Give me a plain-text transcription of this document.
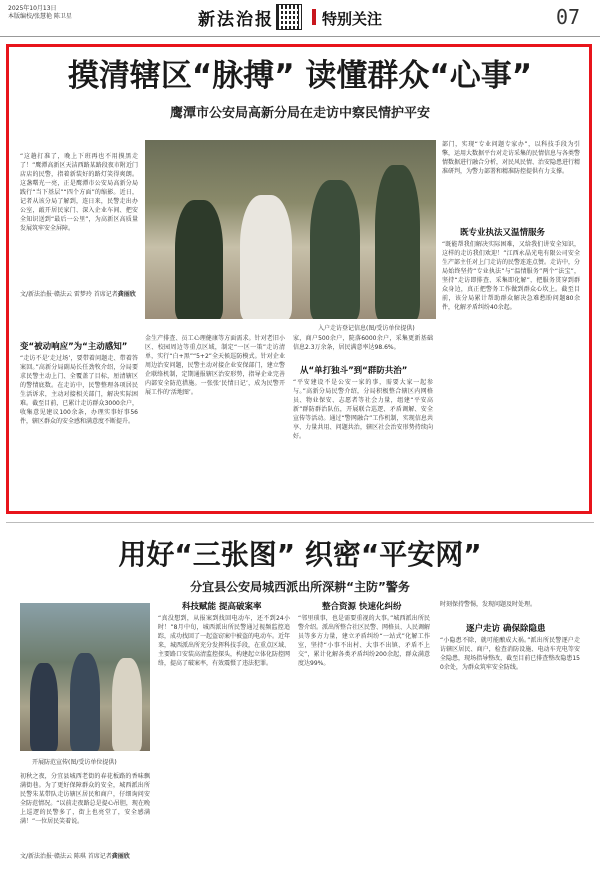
2025年10月13日
本版编校/张慧艳 陈卫星	新法治报	特别关注	07
摸清辖区“脉搏” 读懂群众“心事”
鹰潭市公安局高新分局在走访中察民情护平安
“这趟打准了，晚上下班再也不用摸黑走了！”鹰潭高新区天洁西路某路段夜市附近门店店的民警，指着新装好的路灯笑得爽朗。这盏曙光一亮，正是鹰潭市公安局高新分局践行“当下基层”“四个方面”的缩影。近日，记者从该分局了解到，连日来，民警走出办公室，敲开居民家门、深入企业车间、把安全知识送到“最后一公里”，为高新区高质量发展筑牢安全屏障。
文/新法治报·赣法云 雷梦玲 首席记者龚丽欣
入户走访登记信息(图/受访单位提供)
变“被动响应”为“主动感知”
“走访不是‘走过场’，要带着问题走、带着答案回。”高新分局副局长任劲牧介绍，分局要求民警主动上门、全覆盖了目标，厘清辖区的警情底数。在走访中，民警整理各项居民生活诉求，主动对接相关部门，解决实际困难。截至目前，已累计走访群众3000余户，收集意见建议100余条，办理实事好事56件，辖区群众的安全感和满意度不断提升。
金生产排查、员工心理健康等方面需求。针对老旧小区、校园周边等重点区域，制定“一区一策”走访清单，实行“白+黑”“5+2”全天候巡防模式。针对企业周边治安问题，民警主动对接企业安保部门，建立警企联络机制，定期通报辖区治安形势，指导企业完善内部安全防范措施。一张张‘民情日记’，成为民警开展工作的‘活地图’。
家，商户500余户，院落6000余户，采集更新基础信息2.3万余条，居民满意率达98.6%。
从“单打独斗”到“群防共治”
“平安建设不是公安一家的事，需要大家一起参与。”高新分局民警介绍，分局积极整合辖区内网格员、物业保安、志愿者等社会力量，组建“平安高新”群防群治队伍，开展联合巡逻、矛盾调解、安全宣传等活动。通过“警网融合”工作机制，实现信息共享、力量共用、问题共治，辖区社会治安形势持续向好。
部门，实现“专业问题专家办”，以科技手段为引擎，运用大数据平台对走访采集的民情信息与各类警情数据进行融合分析，对民风民情、治安隐患进行精准研判，为警力部署和精准防控提供有力支撑。
既专业执法又温情服务
“既能帮我们解决实际困难，又给我们讲安全知识，这样的走访我们欢迎！”江西永晶光电有限公司安全生产部主任对上门走访的民警连连点赞。走访中，分局始终坚持“专业执法”与“温情服务”两个“法宝”，坚持“走访即排查、采集即化解”，把服务贯穿到群众身边，真正把警务工作做到群众心坎上。截至目前，该分局累计帮助群众解决急难愁盼问题80余件，化解矛盾纠纷40余起。
用好“三张图” 织密“平安网”
分宜县公安局城西派出所深耕“主防”警务
开展防范宣传(图/受访单位提供)
初秋之夜，分宜县城西老街的春花板路的香味飘满街巷。为了更好保障群众的安全，城西派出所民警朱某带队走访辖区居民和商户，仔细询问安全防范情况。“以前走夜路总是提心吊胆，现在晚上巡逻的民警多了，街上也亮堂了，安全感满满！”一位居民笑着说。
文/新法治报·赣法云 陈琪 首席记者龚丽欣
科技赋能 提高破案率
“真没想到，从报案到找回电动车，还不到24小时！”8月中旬，城西派出所民警通过视频监控追踪，成功找回了一起盗窃案中被盗的电动车。近年来，城西派出所充分发挥科技手段，在重点区域、主要路口安装高清监控探头，构建起立体化防控网络，提高了破案率，有效震慑了违法犯罪。
整合资源 快速化纠纷
“邻里琐事，也是需要重视的大事。”城西派出所民警介绍。派出所整合社区民警、网格员、人民调解员等多方力量，建立矛盾纠纷“一站式”化解工作室，坚持“小事不出村、大事不出镇、矛盾不上交”，累计化解各类矛盾纠纷200余起，群众满意度达99%。
时刻保持警惕，发现问题及时处理。
逐户走访 确保除隐患
“小隐患不除，就可能酿成大祸。”派出所民警逐户走访辖区居民、商户，检查消防设施、电动车充电等安全隐患，现场指导整改，截至目前已排查整改隐患150余处，为群众筑牢安全防线。
